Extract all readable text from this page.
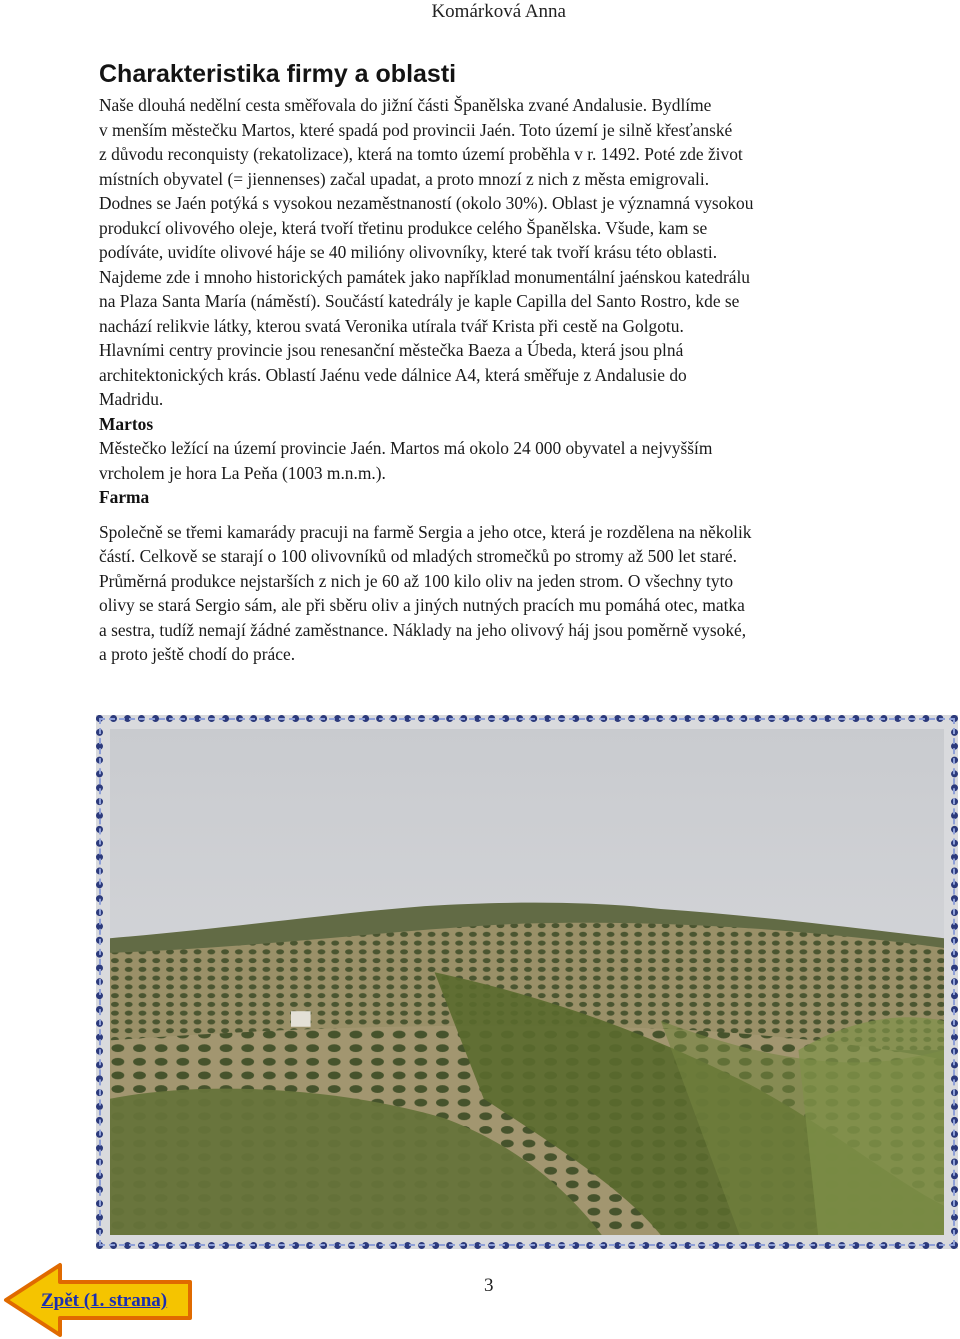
Komárková Anna
Charakteristika firmy a oblasti

Naše dlouhá nedělní cesta směřovala do jižní části Španělska zvané Andalusie. Bydlíme

v menším městečku Martos, které spadá pod provincii Jaén. Toto území je silně křesťanské

z důvodu reconquisty (rekatolizace), která na tomto území proběhla v r. 1492. Poté zde život

místních obyvatel (= jiennenses) začal upadat, a proto mnozí z nich z města emigrovali.

Dodnes se Jaén potýká s vysokou nezaměstnaností (okolo 30%). Oblast je významná vysokou

produkcí olivového oleje, která tvoří třetinu produkce celého Španělska. Všude, kam se

podíváte, uvidíte olivové háje se 40 milióny olivovníky, které tak tvoří krásu této oblasti.

Najdeme zde i mnoho historických památek jako například monumentální jaénskou katedrálu

na Plaza Santa María (náměstí). Součástí katedrály je kaple Capilla del Santo Rostro, kde se

nachází relikvie látky, kterou svatá Veronika utírala tvář Krista při cestě na Golgotu.

Hlavními centry provincie jsou renesanční městečka Baeza a Úbeda, která jsou plná

architektonických krás. Oblastí Jaénu vede dálnice A4, která směřuje z Andalusie do

Madridu.

Martos

Městečko ležící na území provincie Jaén. Martos má okolo 24 000 obyvatel a nejvyšším

vrcholem je hora La Peňa (1003 m.n.m.).

Farma

Společně se třemi kamarády pracuji na farmě Sergia a jeho otce, která je rozdělena na několik

částí. Celkově se starají o 100 olivovníků od mladých stromečků po stromy až 500 let staré.

Průměrná produkce nejstarších z nich je 60 až 100 kilo oliv na jeden strom. O všechny tyto

olivy se stará Sergio sám, ale při sběru oliv a jiných nutných pracích mu pomáhá otec, matka

a sestra, tudíž nemají žádné zaměstnance. Náklady na jeho olivový háj jsou poměrně vysoké,

a proto ještě chodí do práce.

Zpět (1. strana)
3
